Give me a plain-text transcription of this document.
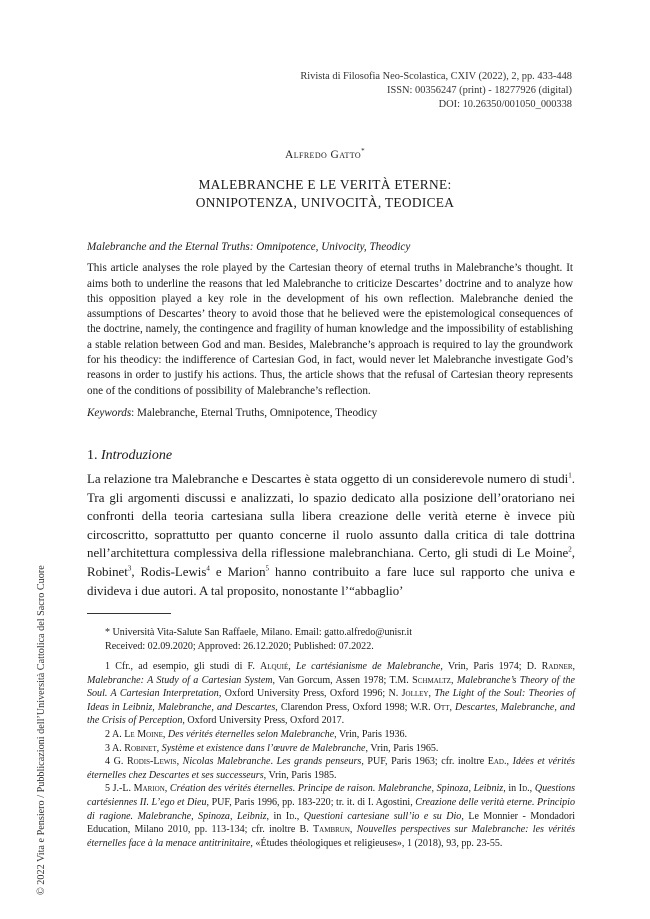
Rivista di Filosofia Neo-Scolastica, CXIV (2022), 2, pp. 433-448
ISSN: 00356247 (print) - 18277926 (digital)
DOI: 10.26350/001050_000338
Alfredo Gatto*
MALEBRANCHE E LE VERITÀ ETERNE:
ONNIPOTENZA, UNIVOCITÀ, TEODICEA
Malebranche and the Eternal Truths: Omnipotence, Univocity, Theodicy
This article analyses the role played by the Cartesian theory of eternal truths in Malebranche’s thought. It aims both to underline the reasons that led Malebranche to criticize Descartes’ doctrine and to analyze how this opposition played a key role in the development of his own reflection. Malebranche denied the assumptions of Descartes’ theory to avoid those that he believed were the epistemological consequences of the doctrine, namely, the contingence and fragility of human knowledge and the impossibility of establishing a stable relation between God and man. Besides, Malebranche’s approach is required to lay the groundwork for his theodicy: the indifference of Cartesian God, in fact, would never let Malebranche investigate God’s reasons in order to justify his actions. Thus, the article shows that the refusal of Cartesian theory represents one of the conditions of possibility of Malebranche’s reflection.
Keywords: Malebranche, Eternal Truths, Omnipotence, Theodicy
1. Introduzione
La relazione tra Malebranche e Descartes è stata oggetto di un considerevole numero di studi$^1$. Tra gli argomenti discussi e analizzati, lo spazio dedicato alla posizione dell’oratoriano nei confronti della teoria cartesiana sulla libera creazione delle verità eterne è invece più circoscritto, soprattutto per quanto concerne il ruolo assunto dalla critica di tale dottrina nell’architettura complessiva della riflessione malebranchiana. Certo, gli studi di Le Moine$^2$, Robinet$^3$, Rodis-Lewis$^4$ e Marion$^5$ hanno contribuito a fare luce sul rapporto che univa e divideva i due autori. A tal proposito, nonostante l’“abbaglio’
* Università Vita-Salute San Raffaele, Milano. Email: gatto.alfredo@unisr.it
Received: 02.09.2020; Approved: 26.12.2020; Published: 07.2022.
1 Cfr., ad esempio, gli studi di F. Alquié, Le cartésianisme de Malebranche, Vrin, Paris 1974; D. Radner, Malebranche: A Study of a Cartesian System, Van Gorcum, Assen 1978; T.M. Schmaltz, Malebranche’s Theory of the Soul. A Cartesian Interpretation, Oxford University Press, Oxford 1996; N. Jolley, The Light of the Soul: Theories of Ideas in Leibniz, Malebranche, and Descartes, Clarendon Press, Oxford 1998; W.R. Ott, Descartes, Malebranche, and the Crisis of Perception, Oxford University Press, Oxford 2017.
2 A. Le Moine, Des vérités éternelles selon Malebranche, Vrin, Paris 1936.
3 A. Robinet, Système et existence dans l’œuvre de Malebranche, Vrin, Paris 1965.
4 G. Rodis-Lewis, Nicolas Malebranche. Les grands penseurs, PUF, Paris 1963; cfr. inoltre Ead., Idées et vérités éternelles chez Descartes et ses successeurs, Vrin, Paris 1985.
5 J.-L. Marion, Création des vérités éternelles. Principe de raison. Malebranche, Spinoza, Leibniz, in Id., Questions cartésiennes II. L’ego et Dieu, PUF, Paris 1996, pp. 183-220; tr. it. di I. Agostini, Creazione delle verità eterne. Principio di ragione. Malebranche, Spinoza, Leibniz, in Id., Questioni cartesiane sull’io e su Dio, Le Monnier - Mondadori Education, Milano 2010, pp. 113-134; cfr. inoltre B. Tambrun, Nouvelles perspectives sur Malebranche: les vérités éternelles face à la menace antitrinitaire, «Études théologiques et religieuses», 1 (2018), 93, pp. 23-55.
© 2022 Vita e Pensiero / Pubblicazioni dell’Università Cattolica del Sacro Cuore
